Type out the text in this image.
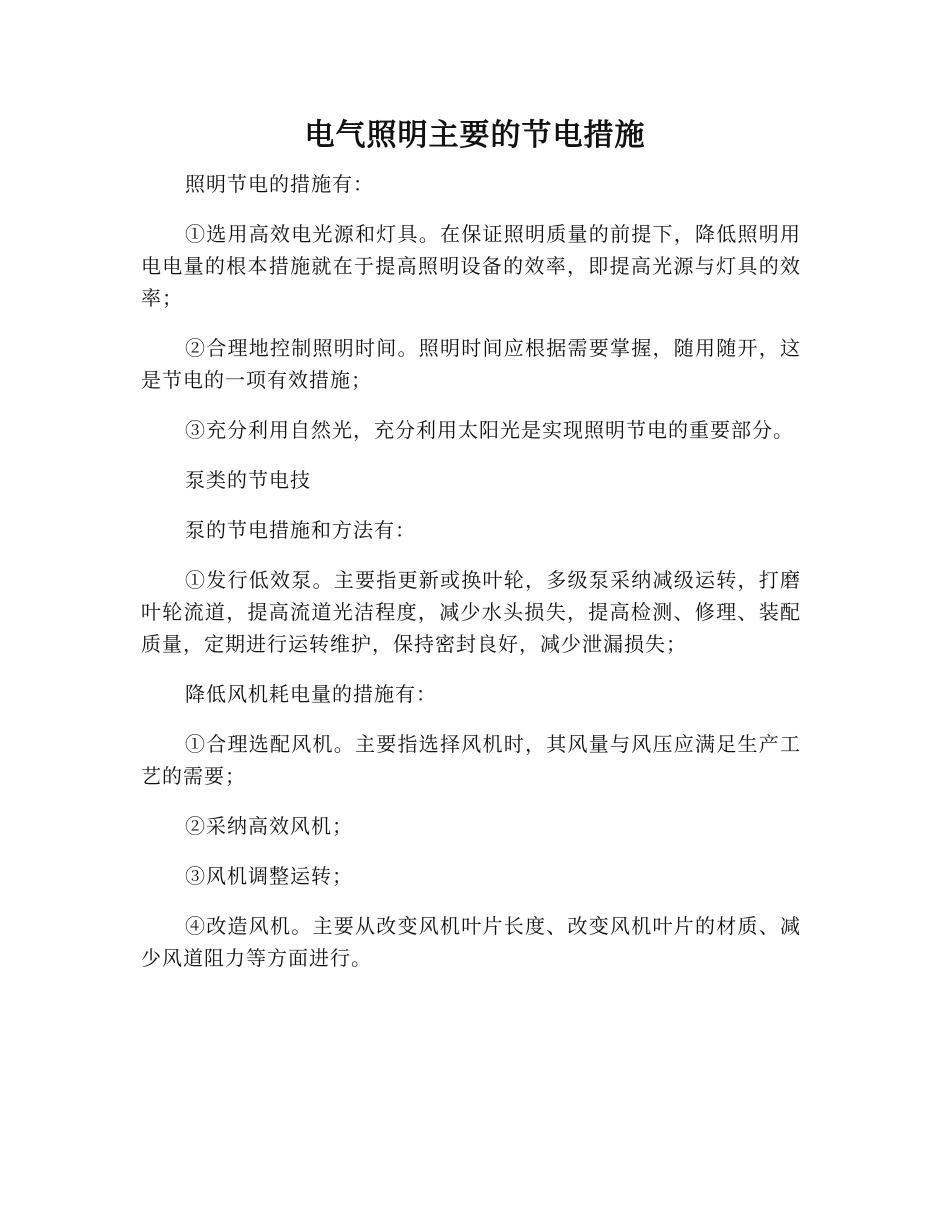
电气照明主要的节电措施

照明节电的措施有：

①选用高效电光源和灯具。在保证照明质量的前提下，降低照明用电电量的根本措施就在于提高照明设备的效率，即提高光源与灯具的效率；

②合理地控制照明时间。照明时间应根据需要掌握，随用随开，这是节电的一项有效措施；

③充分利用自然光，充分利用太阳光是实现照明节电的重要部分。

泵类的节电技

泵的节电措施和方法有：

①发行低效泵。主要指更新或换叶轮，多级泵采纳减级运转，打磨叶轮流道，提高流道光洁程度，减少水头损失，提高检测、修理、装配质量，定期进行运转维护，保持密封良好，减少泄漏损失；

降低风机耗电量的措施有：

①合理选配风机。主要指选择风机时，其风量与风压应满足生产工艺的需要；

②采纳高效风机；

③风机调整运转；

④改造风机。主要从改变风机叶片长度、改变风机叶片的材质、减少风道阻力等方面进行。
